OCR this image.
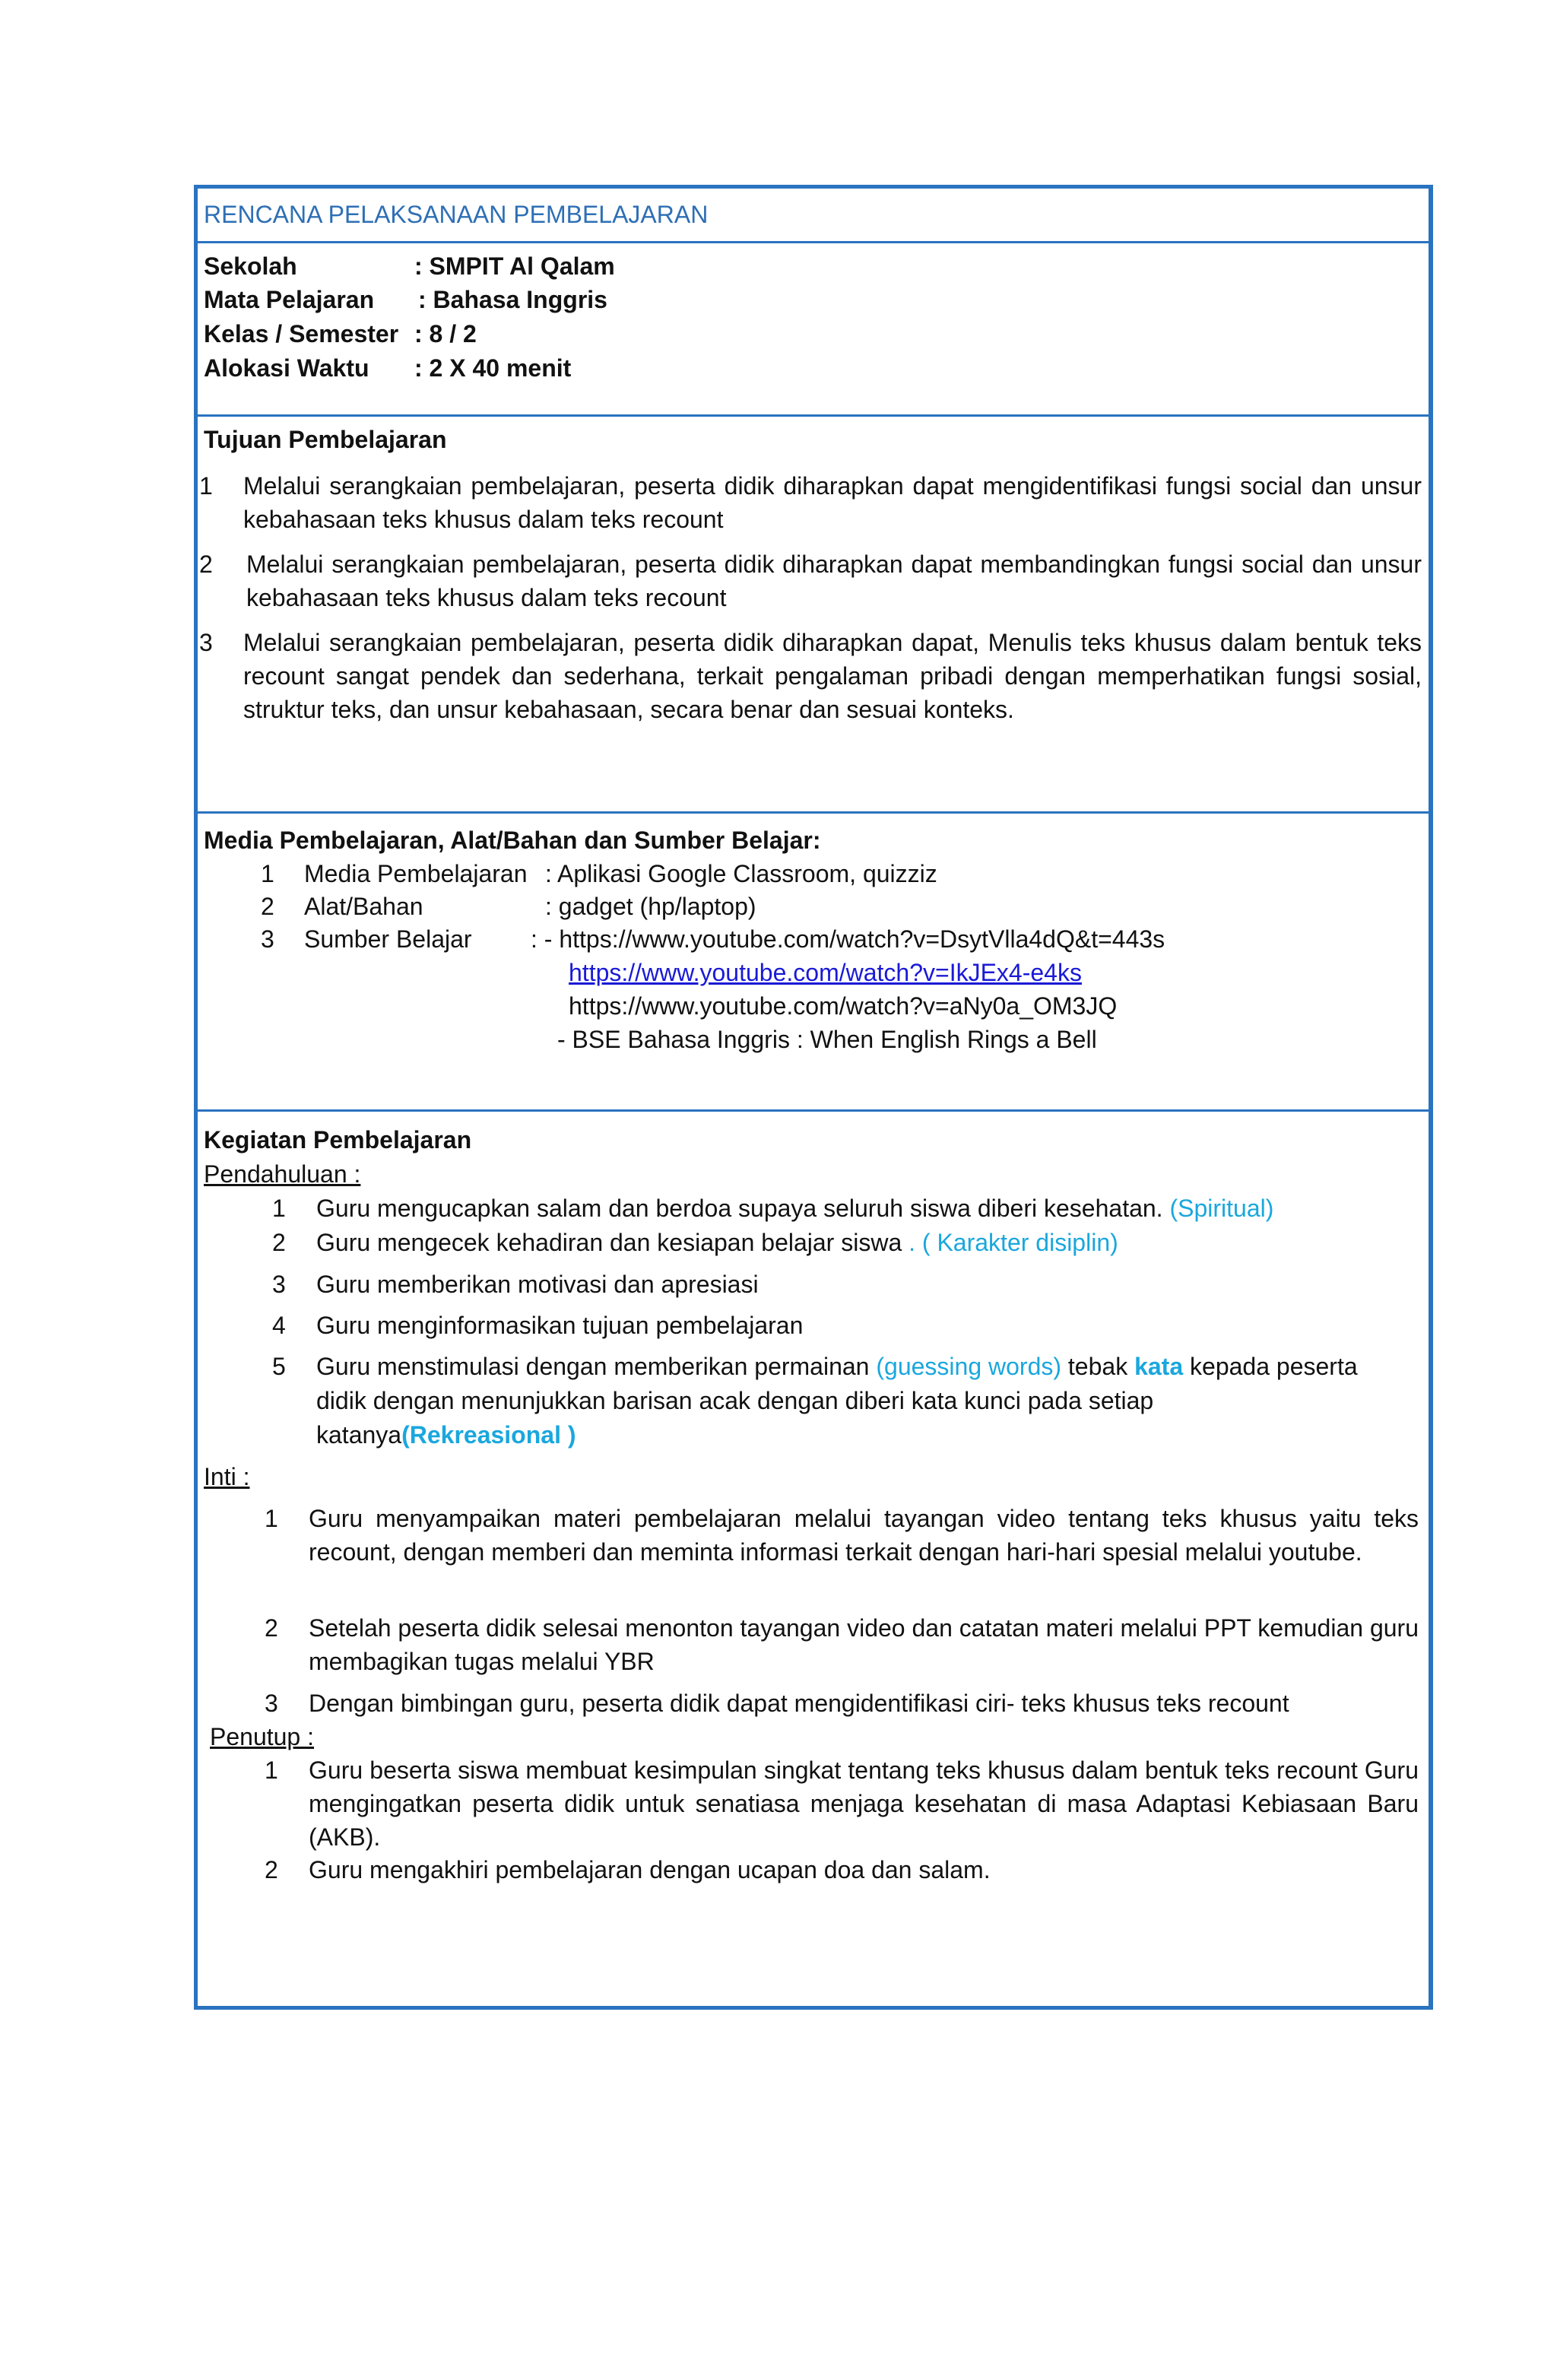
RENCANA PELAKSANAAN PEMBELAJARAN
Sekolah	: SMPIT Al Qalam
Mata Pelajaran : Bahasa Inggris
Kelas / Semester : 8 / 2
Alokasi Waktu : 2 X 40 menit
Tujuan Pembelajaran
1 Melalui serangkaian pembelajaran, peserta didik diharapkan dapat mengidentifikasi fungsi social dan unsur kebahasaan teks khusus dalam teks recount
2 Melalui serangkaian pembelajaran, peserta didik diharapkan dapat membandingkan fungsi social dan unsur kebahasaan teks khusus dalam teks recount
3 Melalui serangkaian pembelajaran, peserta didik diharapkan dapat, Menulis teks khusus dalam bentuk teks recount sangat pendek dan sederhana, terkait pengalaman pribadi dengan memperhatikan fungsi sosial, struktur teks, dan unsur kebahasaan, secara benar dan sesuai konteks.
Media Pembelajaran, Alat/Bahan dan Sumber Belajar:
1 Media Pembelajaran : Aplikasi Google Classroom, quizziz
2 Alat/Bahan	: gadget (hp/laptop)
3 Sumber Belajar : - https://www.youtube.com/watch?v=DsytVlla4dQ&t=443s
https://www.youtube.com/watch?v=IkJEx4-e4ks
https://www.youtube.com/watch?v=aNy0a_OM3JQ
- BSE Bahasa Inggris : When English Rings a Bell
Kegiatan Pembelajaran
Pendahuluan :
1 Guru mengucapkan salam dan berdoa supaya seluruh siswa diberi kesehatan. (Spiritual)
2 Guru mengecek kehadiran dan kesiapan belajar siswa . ( Karakter disiplin)
3 Guru memberikan motivasi dan apresiasi
4 Guru menginformasikan tujuan pembelajaran
5 Guru menstimulasi dengan memberikan permainan (guessing words) tebak kata kepada peserta
didik dengan menunjukkan barisan acak dengan diberi kata kunci pada setiap
katanya(Rekreasional )
Inti :
1 Guru menyampaikan materi pembelajaran melalui tayangan video tentang teks khusus yaitu teks recount, dengan memberi dan meminta informasi terkait dengan hari-hari spesial melalui youtube.
2 Setelah peserta didik selesai menonton tayangan video dan catatan materi melalui PPT kemudian guru membagikan tugas melalui YBR
3 Dengan bimbingan guru, peserta didik dapat mengidentifikasi ciri- teks khusus teks recount
Penutup :
1 Guru beserta siswa membuat kesimpulan singkat tentang teks khusus dalam bentuk teks recount Guru mengingatkan peserta didik untuk senatiasa menjaga kesehatan di masa Adaptasi Kebiasaan Baru (AKB).
2 Guru mengakhiri pembelajaran dengan ucapan doa dan salam.
